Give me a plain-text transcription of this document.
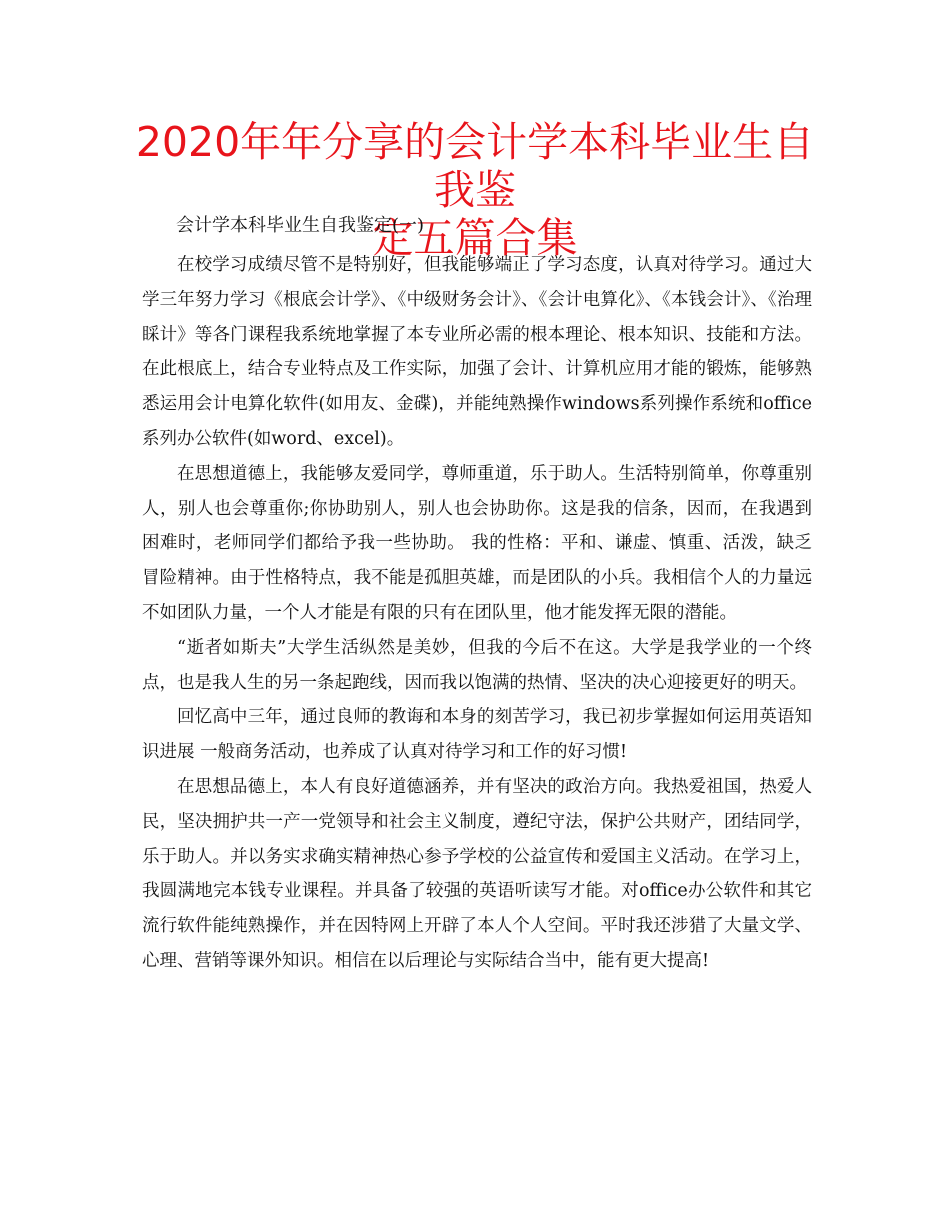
2020年年分享的会计学本科毕业生自我鉴
定五篇合集
会计学本科毕业生自我鉴定(一)

在校学习成绩尽管不是特别好，但我能够端正了学习态度，认真对待学习。通过大学三年努力学习《根底会计学》、《中级财务会计》、《会计电算化》、《本钱会计》、《治理睬计》等各门课程我系统地掌握了本专业所必需的根本理论、根本知识、技能和方法。在此根底上，结合专业特点及工作实际，加强了会计、计算机应用才能的锻炼，能够熟悉运用会计电算化软件(如用友、金碟)，并能纯熟操作windows系列操作系统和office系列办公软件(如word、excel)。

在思想道德上，我能够友爱同学，尊师重道，乐于助人。生活特别简单，你尊重别人，别人也会尊重你;你协助别人，别人也会协助你。这是我的信条，因而，在我遇到困难时，老师同学们都给予我一些协助。 我的性格：平和、谦虚、慎重、活泼，缺乏冒险精神。由于性格特点，我不能是孤胆英雄，而是团队的小兵。我相信个人的力量远不如团队力量，一个人才能是有限的只有在团队里，他才能发挥无限的潜能。

“逝者如斯夫”大学生活纵然是美妙，但我的今后不在这。大学是我学业的一个终点，也是我人生的另一条起跑线，因而我以饱满的热情、坚决的决心迎接更好的明天。

回忆高中三年，通过良师的教诲和本身的刻苦学习，我已初步掌握如何运用英语知识进展 一般商务活动，也养成了认真对待学习和工作的好习惯!

在思想品德上，本人有良好道德涵养，并有坚决的政治方向。我热爱祖国，热爱人民，坚决拥护共一产一党领导和社会主义制度，遵纪守法，保护公共财产，团结同学，乐于助人。并以务实求确实精神热心参予学校的公益宣传和爱国主义活动。在学习上，我圆满地完本钱专业课程。并具备了较强的英语听读写才能。对office办公软件和其它流行软件能纯熟操作，并在因特网上开辟了本人个人空间。平时我还涉猎了大量文学、心理、营销等课外知识。相信在以后理论与实际结合当中，能有更大提高!
